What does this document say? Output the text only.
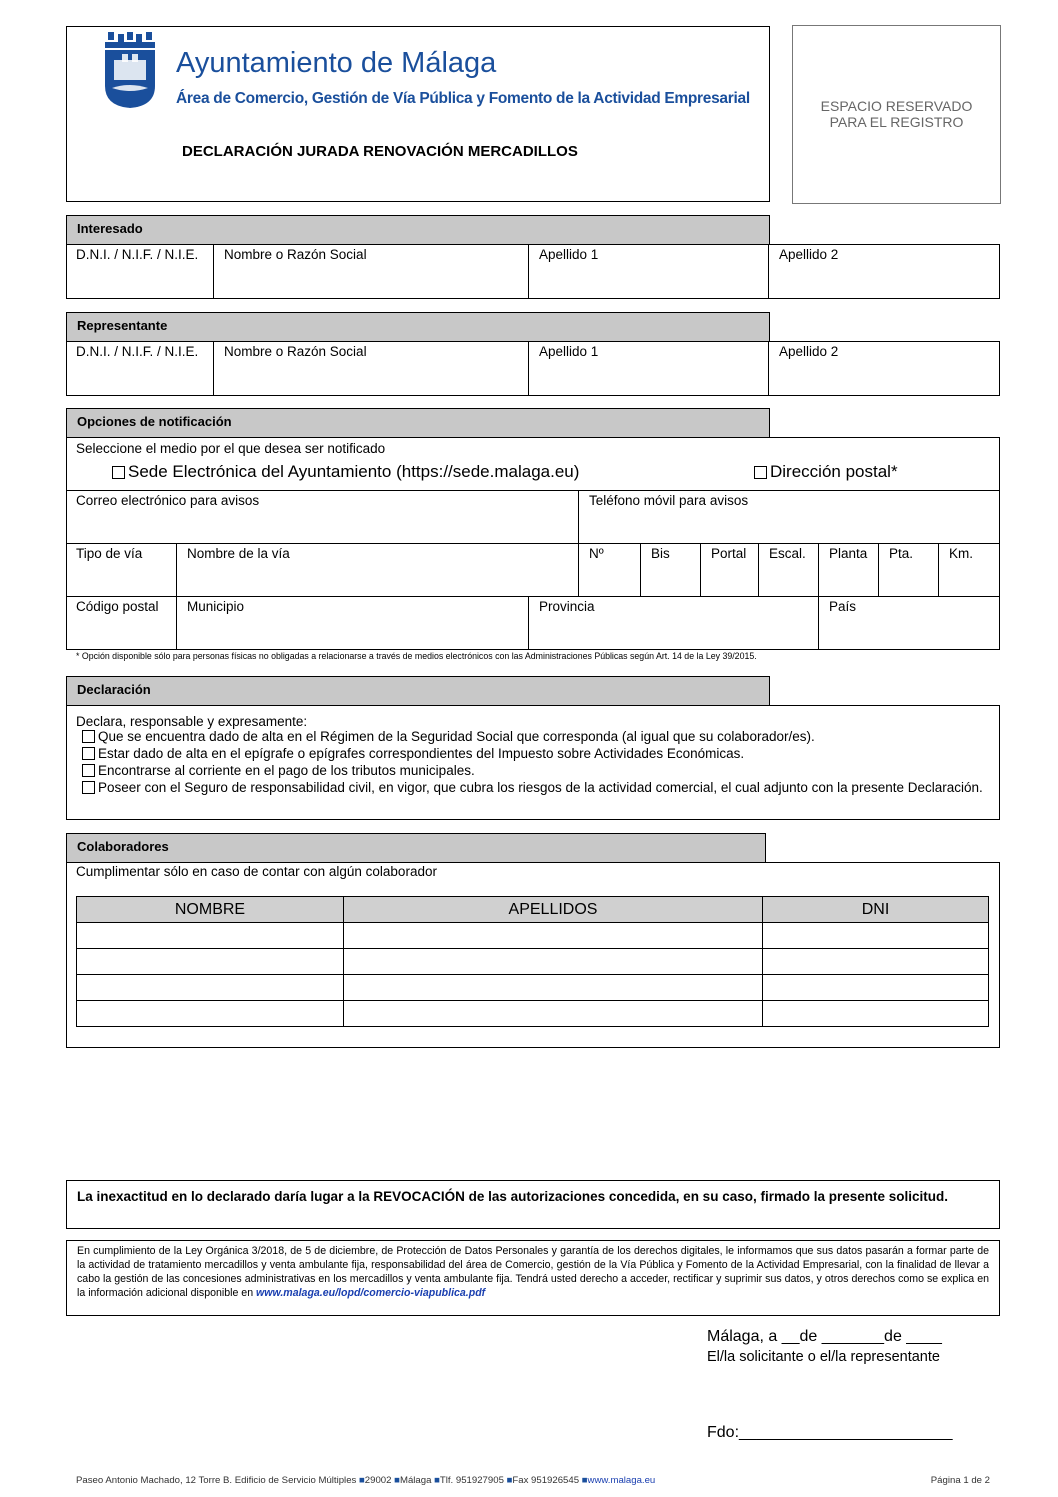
Ayuntamiento de Málaga
Área de Comercio, Gestión de Vía Pública y Fomento de la Actividad Empresarial
DECLARACIÓN JURADA RENOVACIÓN MERCADILLOS
ESPACIO RESERVADO
PARA EL REGISTRO
Interesado
D.N.I. / N.I.F. / N.I.E.	Nombre o Razón Social	Apellido 1	Apellido 2
Representante
D.N.I. / N.I.F. / N.I.E.	Nombre o Razón Social	Apellido 1	Apellido 2
Opciones de notificación
Seleccione el medio por el que desea ser notificado
Sede Electrónica del Ayuntamiento (https://sede.malaga.eu)	Dirección postal*
Correo electrónico para avisos	Teléfono móvil para avisos
Tipo de vía	Nombre de la vía	Nº	Bis	Portal	Escal.	Planta	Pta.	Km.
Código postal	Municipio	Provincia	País
* Opción disponible sólo para personas físicas no obligadas a relacionarse a través de medios electrónicos con las Administraciones Públicas según Art. 14 de la Ley 39/2015.
Declaración
Declara, responsable y expresamente:
Que se encuentra dado de alta en el Régimen de la Seguridad Social que corresponda (al igual que su colaborador/es).
Estar dado de alta en el epígrafe o epígrafes correspondientes del Impuesto sobre Actividades Económicas.
Encontrarse al corriente en el pago de los tributos municipales.
Poseer con el Seguro de responsabilidad civil, en vigor, que cubra los riesgos de la actividad comercial, el cual adjunto con la presente Declaración.
Colaboradores
Cumplimentar sólo en caso de contar con algún colaborador
NOMBRE	APELLIDOS	DNI

La inexactitud en lo declarado daría lugar a la REVOCACIÓN de las autorizaciones concedida, en su caso, firmado la presente solicitud.
En cumplimiento de la Ley Orgánica 3/2018, de 5 de diciembre, de Protección de Datos Personales y garantía de los derechos digitales, le informamos que sus datos pasarán a formar parte de la actividad de tratamiento mercadillos y venta ambulante fija, responsabilidad del área de Comercio, gestión de la Vía Pública y Fomento de la Actividad Empresarial, con la finalidad de llevar a cabo la gestión de las concesiones administrativas en los mercadillos y venta ambulante fija. Tendrá usted derecho a acceder, rectificar y suprimir sus datos, y otros derechos como se explica en la información adicional disponible en www.malaga.eu/lopd/comercio-viapublica.pdf
Málaga, a __de _______de ____
El/la solicitante o el/la representante
Fdo:________________________
Paseo Antonio Machado, 12 Torre B. Edificio de Servicio Múltiples ■29002 ■Málaga ■Tlf. 951927905 ■Fax 951926545 ■www.malaga.eu	Página 1 de 2
